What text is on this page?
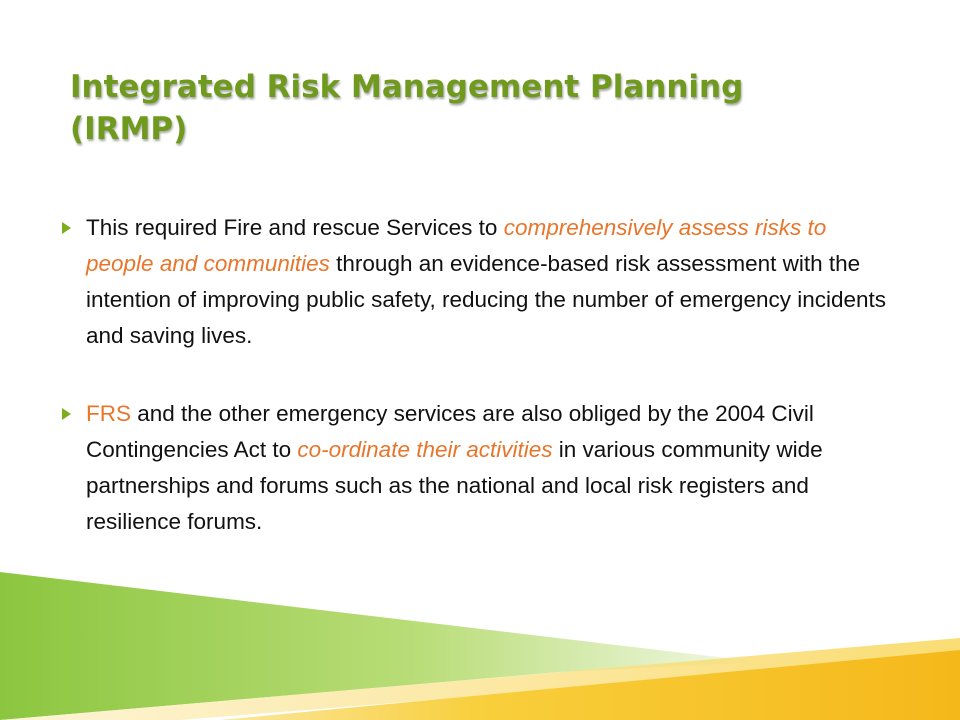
Integrated Risk Management Planning
(IRMP)
This required Fire and rescue Services to comprehensively assess risks to people and communities through an evidence-based risk assessment with the intention of improving public safety, reducing the number of emergency incidents and saving lives.
FRS and the other emergency services are also obliged by the 2004 Civil Contingencies Act to co-ordinate their activities in various community wide partnerships and forums such as the national and local risk registers and resilience forums.
